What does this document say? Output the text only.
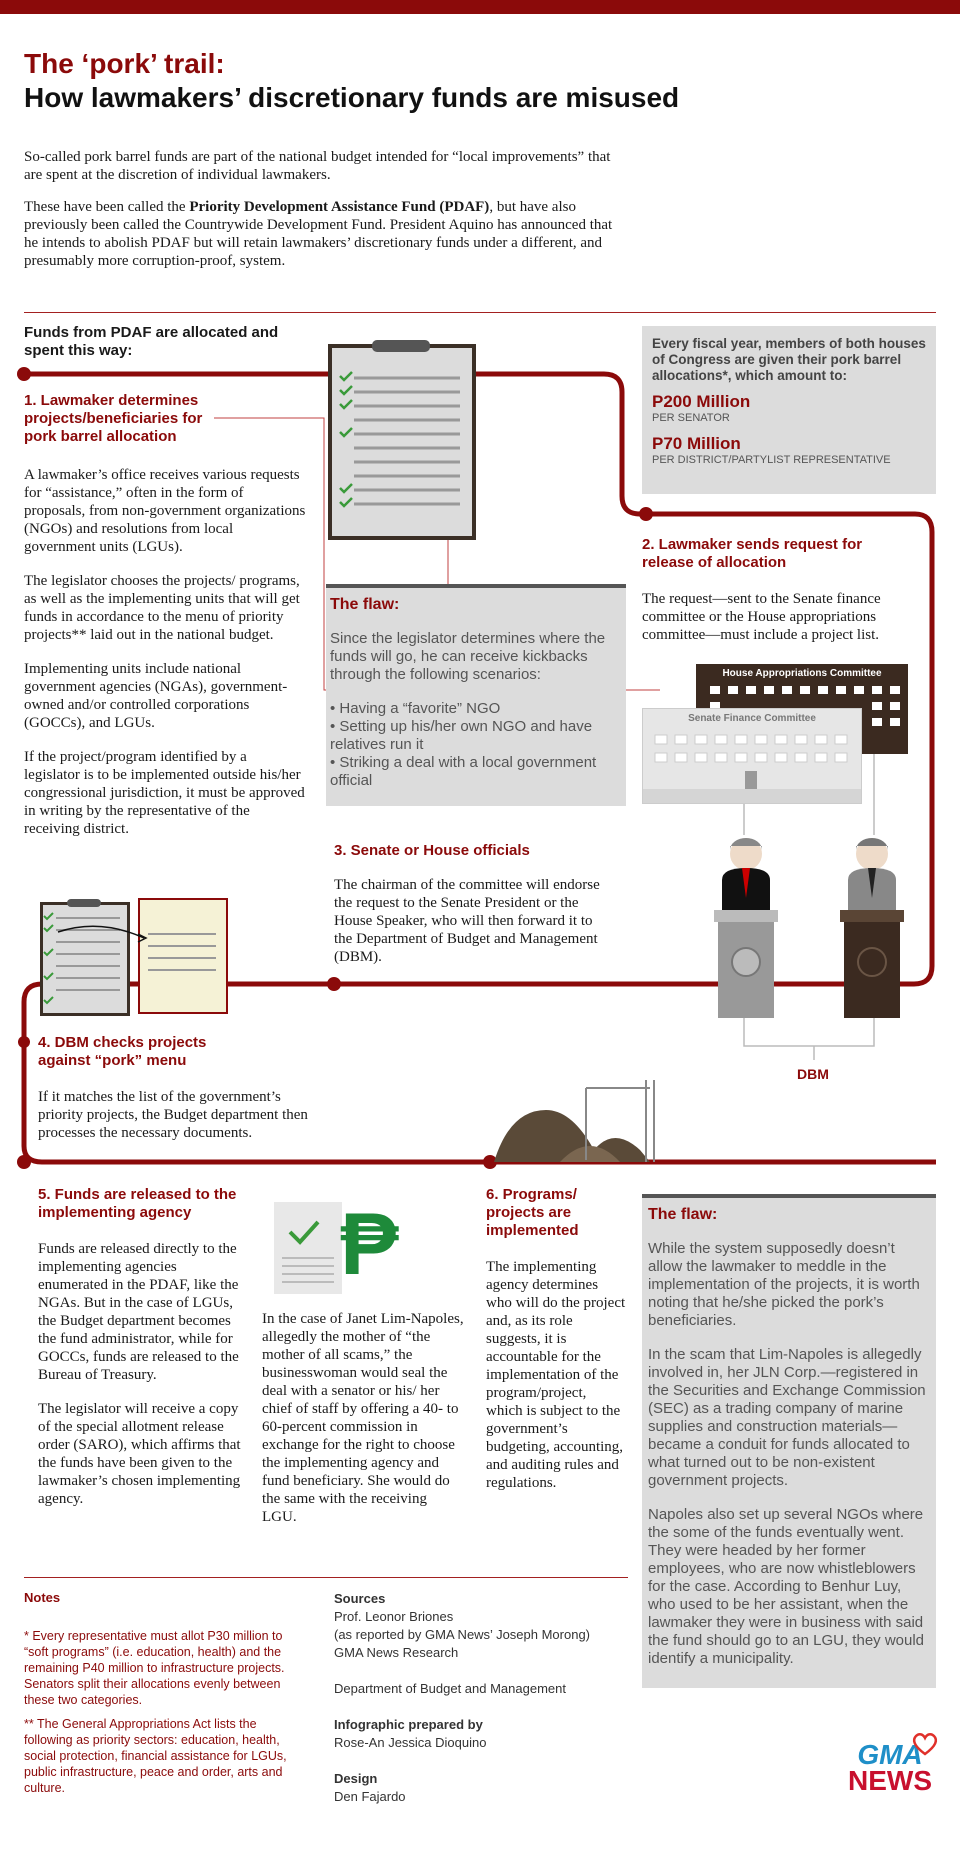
The ‘pork’ trail:
How lawmakers’ discretionary funds are misused

So-called pork barrel funds are part of the national budget intended for “local improvements” that are spent at the discretion of individual lawmakers.

These have been called the Priority Development Assistance Fund (PDAF), but have also previously been called the Countrywide Development Fund. President Aquino has announced that he intends to abolish PDAF but will retain lawmakers’ discretionary funds under a different, and presumably more corruption-proof, system.

Funds from PDAF are allocated and spent this way:	Every fiscal year, members of both houses of Congress are given their pork barrel allocations*, which amount to:
P200 Million
PER SENATOR
P70 Million
PER DISTRICT/PARTYLIST REPRESENTATIVE
1. Lawmaker determines projects/beneficiaries for pork barrel allocation

A lawmaker’s office receives various requests for “assistance,” often in the form of proposals, from non-government organizations (NGOs) and resolutions from local government units (LGUs).

The legislator chooses the projects/ programs, as well as the implementing units that will get funds in accordance to the menu of priority projects** laid out in the national budget.

Implementing units include national government agencies (NGAs), government-owned and/or controlled corporations (GOCCs), and LGUs.

If the project/program identified by a legislator is to be implemented outside his/her congressional jurisdiction, it must be approved in writing by the representative of the receiving district.

The flaw:

Since the legislator determines where the funds will go, he can receive kickbacks through the following scenarios:

• Having a “favorite” NGO
• Setting up his/her own NGO and have relatives run it
• Striking a deal with a local government official
2. Lawmaker sends request for release of allocation
The request—sent to the Senate finance committee or the House appropriations committee—must include a project list.
House Appropriations Committee
Senate Finance Committee
DBM
3. Senate or House officials
The chairman of the committee will endorse the request to the Senate President or the House Speaker, who will then forward it to the Department of Budget and Management (DBM).
4. DBM checks projects against “pork” menu
If it matches the list of the government’s priority projects, the Budget department then processes the necessary documents.
5. Funds are released to the implementing agency

Funds are released directly to the implementing agencies enumerated in the PDAF, like the NGAs. But in the case of LGUs, the Budget department becomes the fund administrator, while for GOCCs, funds are released to the Bureau of Treasury.

The legislator will receive a copy of the special allotment release order (SARO), which affirms that the funds have been given to the lawmaker’s chosen implementing agency.

₱
In the case of Janet Lim-Napoles, allegedly the mother of “the mother of all scams,” the businesswoman would seal the deal with a senator or his/ her chief of staff by offering a 40- to 60-percent commission in exchange for the right to choose the implementing agency and fund beneficiary. She would do the same with the receiving LGU.
6. Programs/ projects are implemented
The implementing agency determines who will do the project and, as its role suggests, it is accountable for the implementation of the program/project, which is subject to the government’s budgeting, accounting, and auditing rules and regulations.
The flaw:

While the system supposedly doesn’t allow the lawmaker to meddle in the implementation of the projects, it is worth noting that he/she picked the pork’s beneficiaries.

In the scam that Lim-Napoles is allegedly involved in, her JLN Corp.—registered in the Securities and Exchange Commission (SEC) as a trading company of marine supplies and construction materials—became a conduit for funds allocated to what turned out to be non-existent government projects.

Napoles also set up several NGOs where the some of the funds eventually went. They were headed by her former employees, who are now whistleblowers for the case. According to Benhur Luy, who used to be her assistant, when the lawmaker they were in business with said the fund should go to an LGU, they would identify a municipality.

Notes
* Every representative must allot P30 million to “soft programs” (i.e. education, health) and the remaining P40 million to infrastructure projects. Senators split their allocations evenly between these two categories.
** The General Appropriations Act lists the following as priority sectors: education, health, social protection, financial assistance for LGUs, public infrastructure, peace and order, arts and culture.
Sources
Prof. Leonor Briones
(as reported by GMA News’ Joseph Morong)
GMA News Research
Department of Budget and Management
Infographic prepared by
Rose-An Jessica Dioquino
Design
Den Fajardo
GMA
NEWS
